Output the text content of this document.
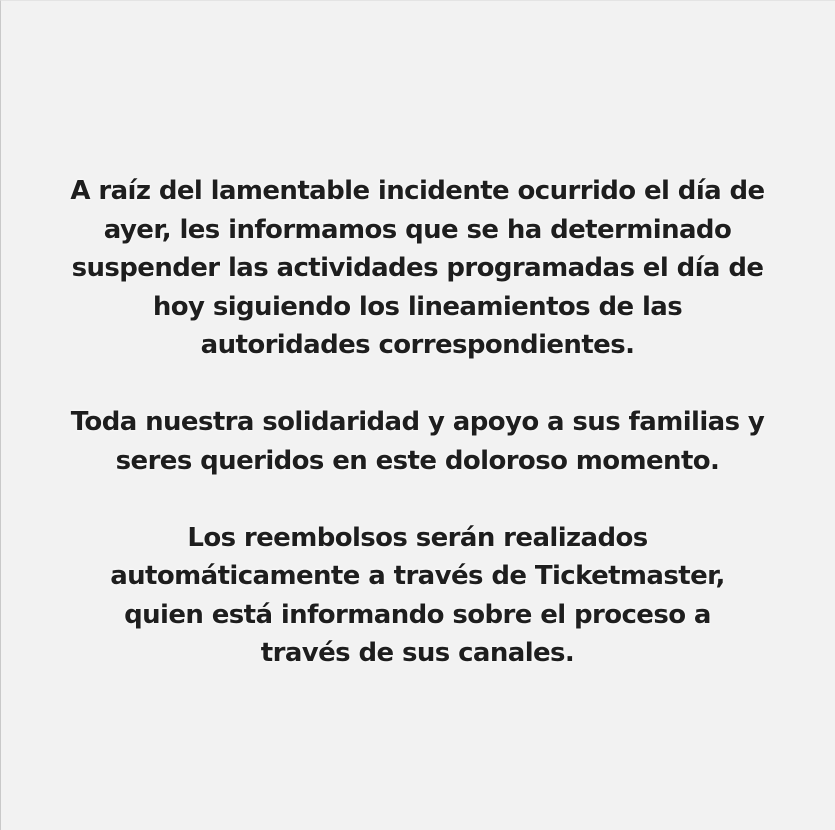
A raíz del lamentable incidente ocurrido el día de
ayer, les informamos que se ha determinado
suspender las actividades programadas el día de
hoy siguiendo los lineamientos de las
autoridades correspondientes.

Toda nuestra solidaridad y apoyo a sus familias y
seres queridos en este doloroso momento.

Los reembolsos serán realizados
automáticamente a través de Ticketmaster,
quien está informando sobre el proceso a
través de sus canales.
